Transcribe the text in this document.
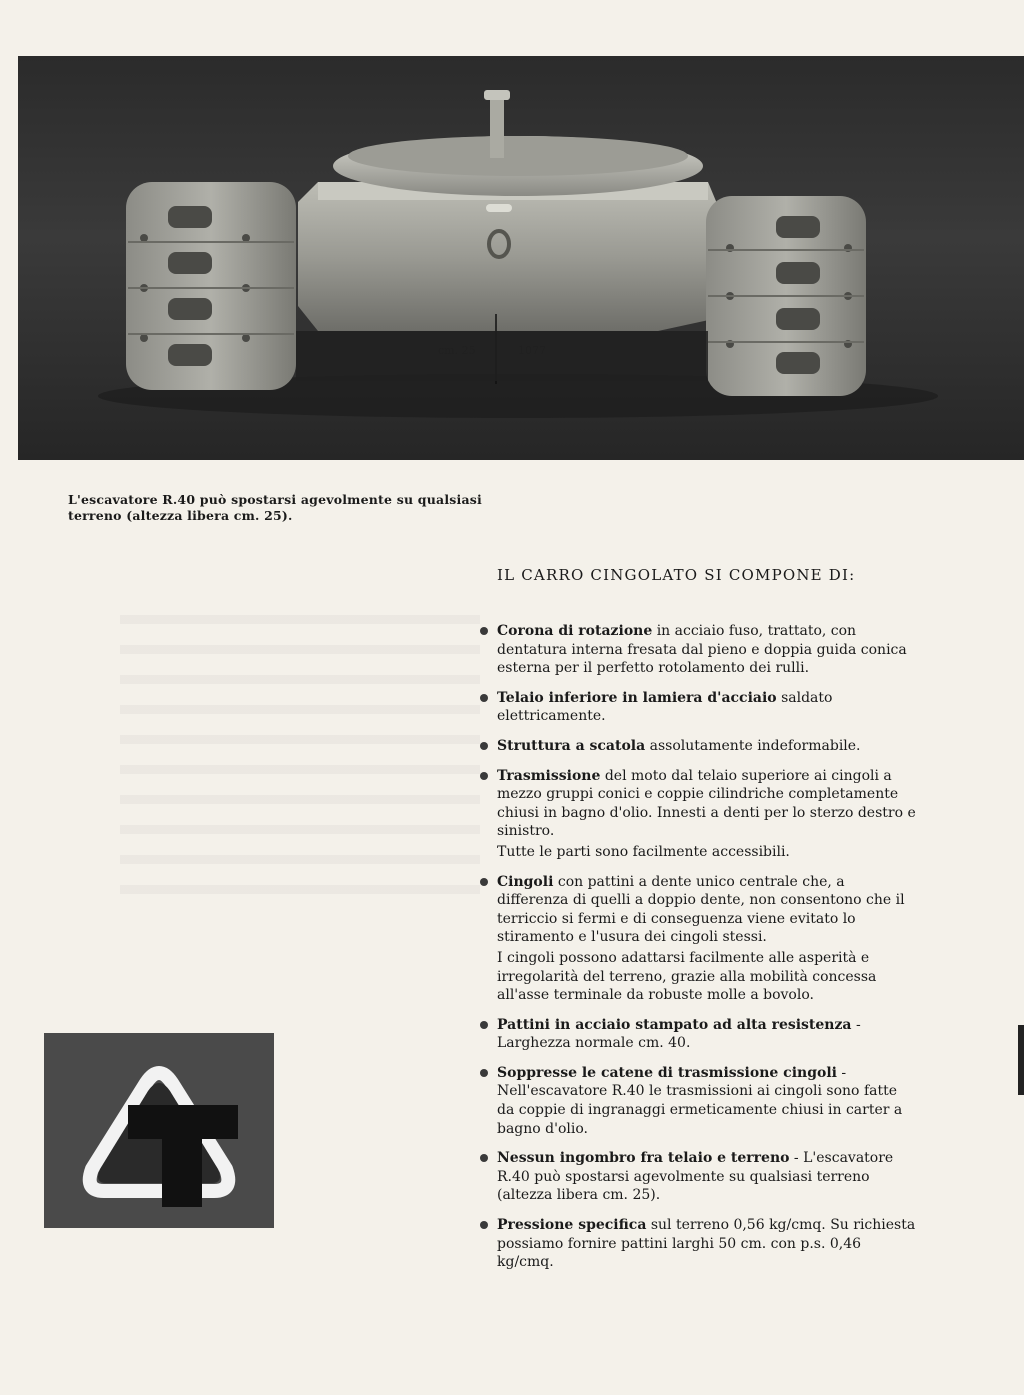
L'escavatore R.40 può spostarsi agevolmente su qualsiasi
terreno (altezza libera cm. 25).
IL CARRO CINGOLATO SI COMPONE DI:
Corona di rotazione in acciaio fuso, trattato, con dentatura interna fresata dal pieno e doppia guida conica esterna per il perfetto rotolamento dei rulli.
Telaio inferiore in lamiera d'acciaio saldato elettricamente.
Struttura a scatola assolutamente indeformabile.
Trasmissione del moto dal telaio superiore ai cingoli a mezzo gruppi conici e coppie cilindriche completamente chiusi in bagno d'olio. Innesti a denti per lo sterzo destro e sinistro.
Tutte le parti sono facilmente accessibili.
Cingoli con pattini a dente unico centrale che, a differenza di quelli a doppio dente, non consentono che il terriccio si fermi e di conseguenza viene evitato lo stiramento e l'usura dei cingoli stessi.
I cingoli possono adattarsi facilmente alle asperità e irregolarità del terreno, grazie alla mobilità concessa all'asse terminale da robuste molle a bovolo.
Pattini in acciaio stampato ad alta resistenza - Larghezza normale cm. 40.
Soppresse le catene di trasmissione cingoli - Nell'escavatore R.40 le trasmissioni ai cingoli sono fatte da coppie di ingranaggi ermeticamente chiusi in carter a bagno d'olio.
Nessun ingombro fra telaio e terreno - L'escavatore R.40 può spostarsi agevolmente su qualsiasi terreno (altezza libera cm. 25).
Pressione specifica sul terreno 0,56 kg/cmq. Su richiesta possiamo fornire pattini larghi 50 cm. con p.s. 0,46 kg/cmq.
